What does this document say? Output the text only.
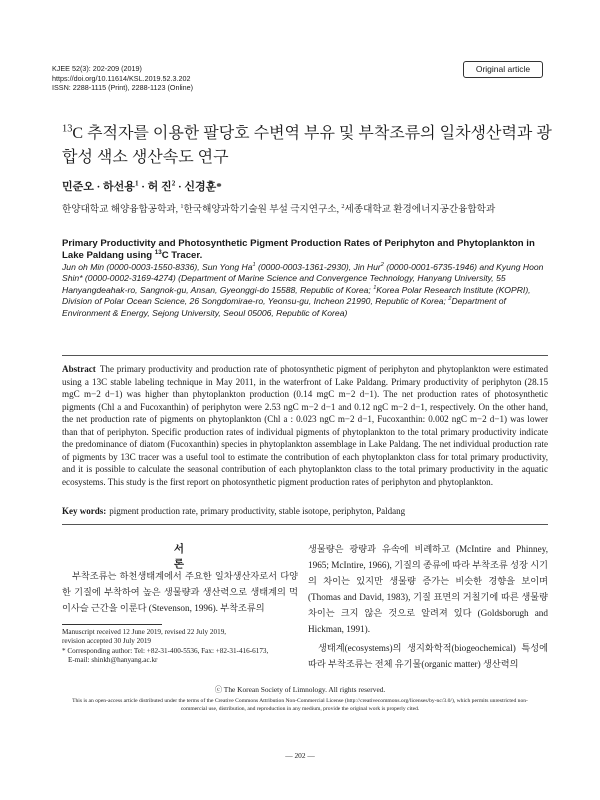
KJEE 52(3): 202-209 (2019)
https://doi.org/10.11614/KSL.2019.52.3.202
ISSN: 2288-1115 (Print), 2288-1123 (Online)
Original article
$^{13}$C 추적자를 이용한 팔당호 수변역 부유 및 부착조류의 일차생산력과 광합성 색소 생산속도 연구
민준오 · 하선용$^1$ · 허 진$^2$ · 신경훈*
한양대학교 해양융합공학과, $^1$한국해양과학기술원 부설 극지연구소, $^2$세종대학교 환경에너지공간융합학과
Primary Productivity and Photosynthetic Pigment Production Rates of Periphyton and Phytoplankton in Lake Paldang using $^{13}$C Tracer.
Jun oh Min (0000-0003-1550-8336), Sun Yong Ha$^1$ (0000-0003-1361-2930), Jin Hur$^2$ (0000-0001-6735-1946) and Kyung Hoon Shin* (0000-0002-3169-4274) (Department of Marine Science and Convergence Technology, Hanyang University, 55 Hanyangdeahak-ro, Sangnok-gu, Ansan, Gyeonggi-do 15588, Republic of Korea; $^1$Korea Polar Research Institute (KOPRI), Division of Polar Ocean Science, 26 Songdomirae-ro, Yeonsu-gu, Incheon 21990, Republic of Korea; $^2$Department of Environment & Energy, Sejong University, Seoul 05006, Republic of Korea)
Abstract The primary productivity and production rate of photosynthetic pigment of periphyton and phytoplankton were estimated using a 13C stable labeling technique in May 2011, in the waterfront of Lake Paldang. Primary productivity of periphyton (28.15 mgC m−2 d−1) was higher than phytoplankton production (0.14 mgC m−2 d−1). The net production rates of photosynthetic pigments (Chl a and Fucoxanthin) of periphyton were 2.53 ngC m−2 d−1 and 0.12 ngC m−2 d−1, respectively. On the other hand, the net production rate of pigments on phytoplankton (Chl a : 0.023 ngC m−2 d−1, Fucoxanthin: 0.002 ngC m−2 d−1) was lower than that of periphyton. Specific production rates of individual pigments of phytoplankton to the total primary productivity indicate the predominance of diatom (Fucoxanthin) species in phytoplankton assemblage in Lake Paldang. The net individual production rate of pigments by 13C tracer was a useful tool to estimate the contribution of each phytoplankton class for total primary productivity, and it is possible to calculate the seasonal contribution of each phytoplankton class to the total primary productivity in the aquatic ecosystems. This study is the first report on photosynthetic pigment production rates of periphyton and phytoplankton.
Key words: pigment production rate, primary productivity, stable isotope, periphyton, Paldang
서 론

부착조류는 하천생태계에서 주요한 일차생산자로서 다양한 기질에 부착하여 높은 생물량과 생산력으로 생태계의 먹이사슬 근간을 이룬다 (Stevenson, 1996). 부착조류의

생물량은 광량과 유속에 비례하고 (McIntire and Phinney, 1965; McIntire, 1966), 기질의 종류에 따라 부착조류 성장 시기의 차이는 있지만 생물량 증가는 비슷한 경향을 보이며 (Thomas and David, 1983), 기질 표면의 거칠기에 따른 생물량 차이는 크지 않은 것으로 알려져 있다 (Goldsborugh and Hickman, 1991).

생태계(ecosystems)의 생지화학적(biogeochemical) 특성에 따라 부착조류는 전체 유기물(organic matter) 생산력의

Manuscript received 12 June 2019, revised 22 July 2019,
revision accepted 30 July 2019
* Corresponding author: Tel: +82-31-400-5536, Fax: +82-31-416-6173,
E-mail: shinkh@hanyang.ac.kr
ⓒ The Korean Society of Limnology. All rights reserved.
This is an open-access article distributed under the terms of the Creative Commons Attribution Non-Commercial License (http://creativecommons.org/licenses/by-nc/3.0/), which permits unrestricted non-commercial use, distribution, and reproduction in any medium, provide the original work is properly cited.
— 202 —
